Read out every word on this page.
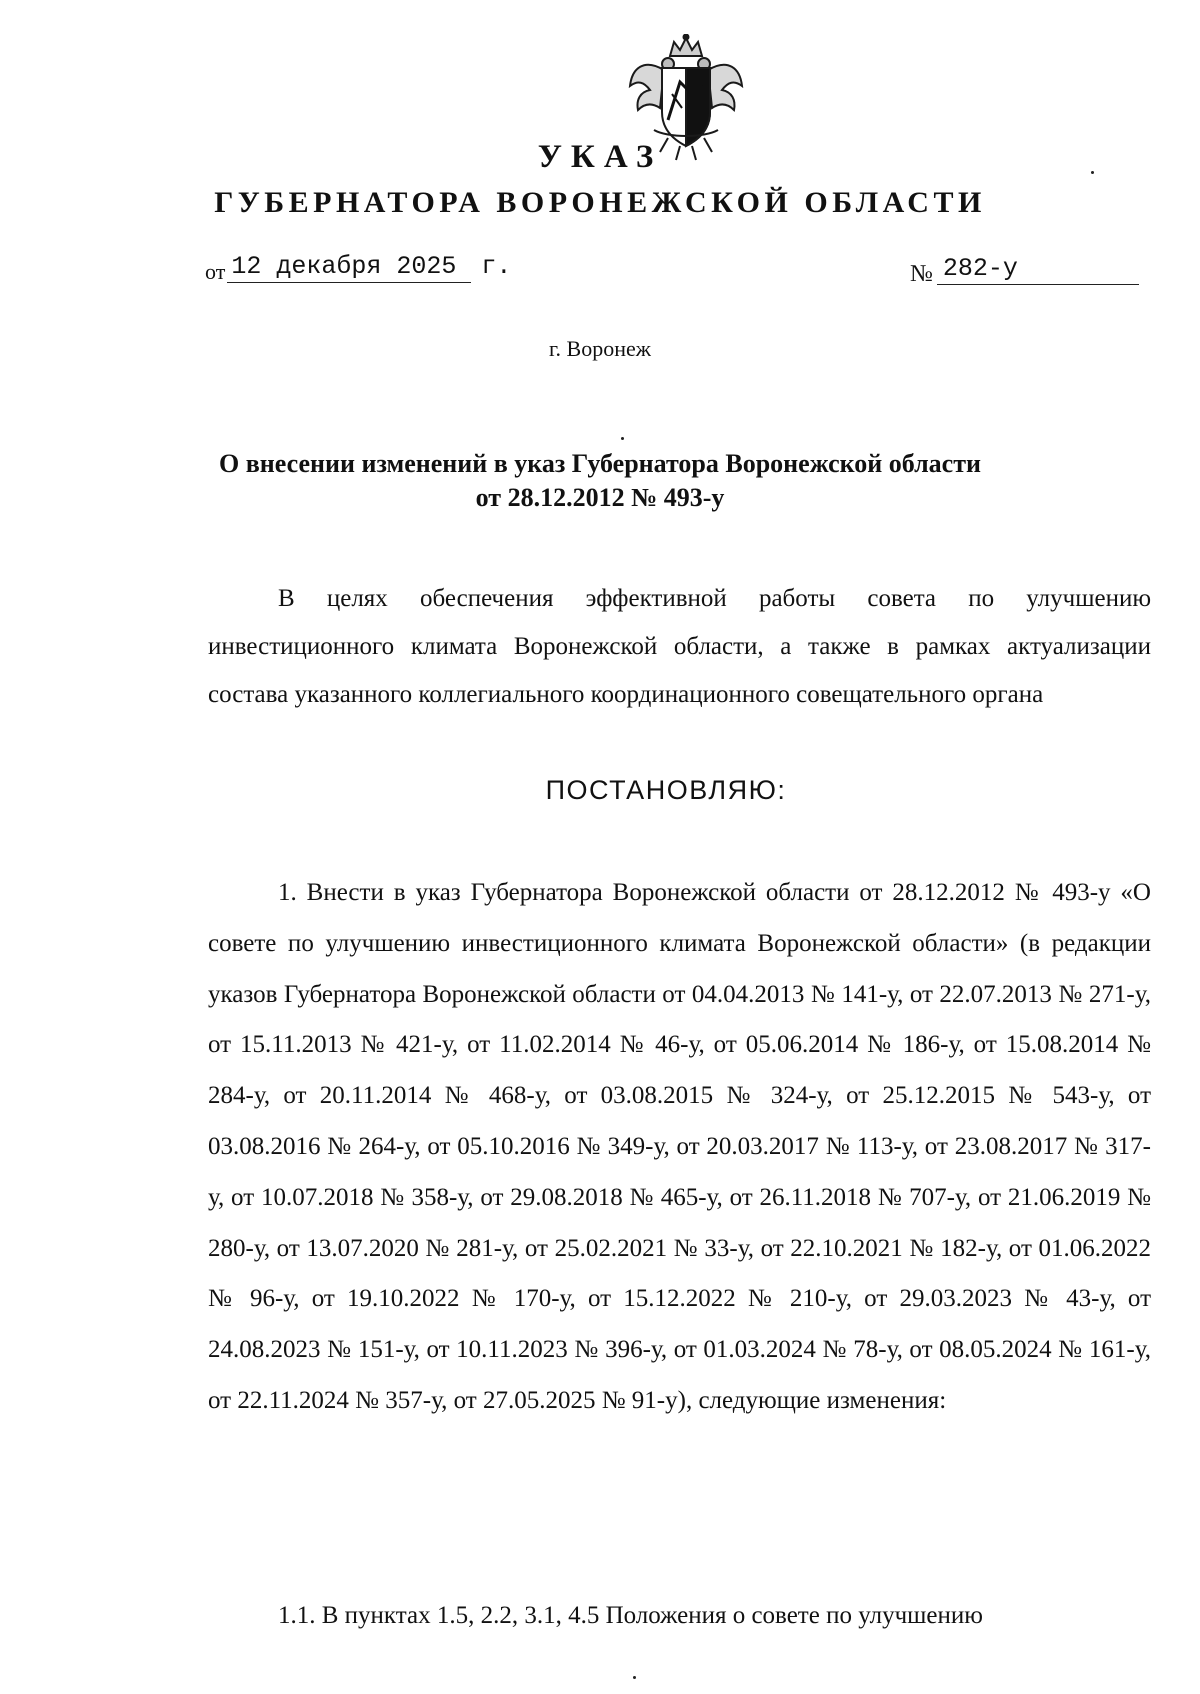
УКАЗ
ГУБЕРНАТОРА ВОРОНЕЖСКОЙ ОБЛАСТИ
от 12 декабря 2025 г.	№ 282-у
г. Воронеж
О внесении изменений в указ Губернатора Воронежской области
от 28.12.2012 № 493-у
В целях обеспечения эффективной работы совета по улучшению инвестиционного климата Воронежской области, а также в рамках актуализации состава указанного коллегиального координационного совещательного органа
ПОСТАНОВЛЯЮ:
1. Внести в указ Губернатора Воронежской области от 28.12.2012 № 493-у «О совете по улучшению инвестиционного климата Воронежской области» (в редакции указов Губернатора Воронежской области от 04.04.2013 № 141-у, от 22.07.2013 № 271-у, от 15.11.2013 № 421-у, от 11.02.2014 № 46-у, от 05.06.2014 № 186-у, от 15.08.2014 № 284-у, от 20.11.2014 № 468-у, от 03.08.2015 № 324-у, от 25.12.2015 № 543-у, от 03.08.2016 № 264-у, от 05.10.2016 № 349-у, от 20.03.2017 № 113-у, от 23.08.2017 № 317-у, от 10.07.2018 № 358-у, от 29.08.2018 № 465-у, от 26.11.2018 № 707-у, от 21.06.2019 № 280-у, от 13.07.2020 № 281-у, от 25.02.2021 № 33-у, от 22.10.2021 № 182-у, от 01.06.2022 № 96-у, от 19.10.2022 № 170-у, от 15.12.2022 № 210-у, от 29.03.2023 № 43-у, от 24.08.2023 № 151-у, от 10.11.2023 № 396-у, от 01.03.2024 № 78-у, от 08.05.2024 № 161-у, от 22.11.2024 № 357-у, от 27.05.2025 № 91-у), следующие изменения:
1.1. В пунктах 1.5, 2.2, 3.1, 4.5 Положения о совете по улучшению
